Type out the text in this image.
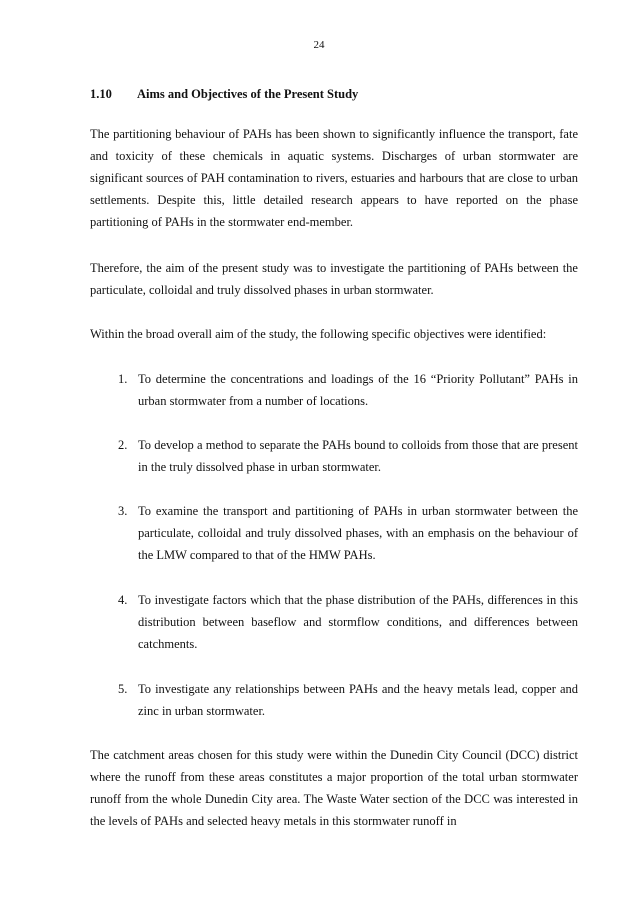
24
1.10 Aims and Objectives of the Present Study

The partitioning behaviour of PAHs has been shown to significantly influence the transport, fate and toxicity of these chemicals in aquatic systems. Discharges of urban stormwater are significant sources of PAH contamination to rivers, estuaries and harbours that are close to urban settlements. Despite this, little detailed research appears to have reported on the phase partitioning of PAHs in the stormwater end-member.

Therefore, the aim of the present study was to investigate the partitioning of PAHs between the particulate, colloidal and truly dissolved phases in urban stormwater.

Within the broad overall aim of the study, the following specific objectives were identified:

1. To determine the concentrations and loadings of the 16 “Priority Pollutant” PAHs in urban stormwater from a number of locations.
2. To develop a method to separate the PAHs bound to colloids from those that are present in the truly dissolved phase in urban stormwater.
3. To examine the transport and partitioning of PAHs in urban stormwater between the particulate, colloidal and truly dissolved phases, with an emphasis on the behaviour of the LMW compared to that of the HMW PAHs.
4. To investigate factors which that the phase distribution of the PAHs, differences in this distribution between baseflow and stormflow conditions, and differences between catchments.
5. To investigate any relationships between PAHs and the heavy metals lead, copper and zinc in urban stormwater.

The catchment areas chosen for this study were within the Dunedin City Council (DCC) district where the runoff from these areas constitutes a major proportion of the total urban stormwater runoff from the whole Dunedin City area. The Waste Water section of the DCC was interested in the levels of PAHs and selected heavy metals in this stormwater runoff in
